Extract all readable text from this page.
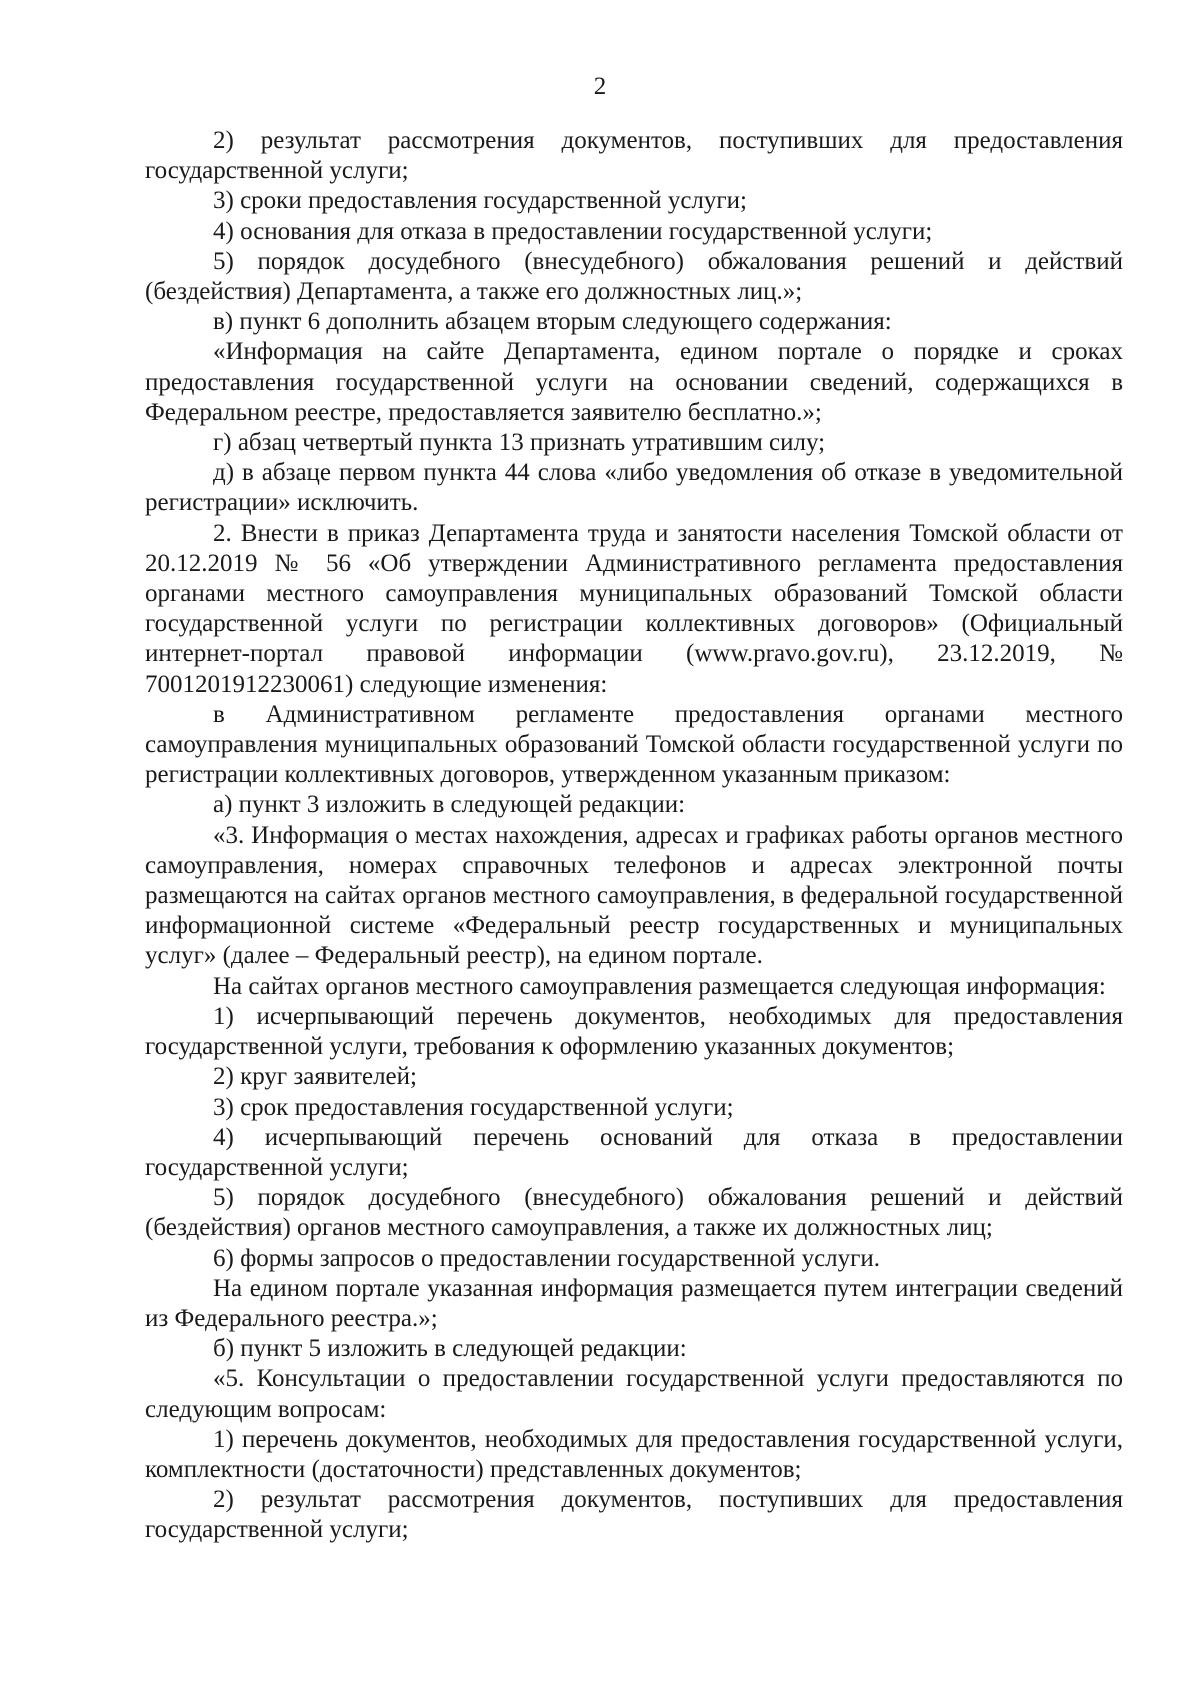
2

2) результат рассмотрения документов, поступивших для предоставления государственной услуги;

3) сроки предоставления государственной услуги;

4) основания для отказа в предоставлении государственной услуги;

5) порядок досудебного (внесудебного) обжалования решений и действий (бездействия) Департамента, а также его должностных лиц.»;

в) пункт 6 дополнить абзацем вторым следующего содержания:

«Информация на сайте Департамента, едином портале о порядке и сроках предоставления государственной услуги на основании сведений, содержащихся в Федеральном реестре, предоставляется заявителю бесплатно.»;

г) абзац четвертый пункта 13 признать утратившим силу;

д) в абзаце первом пункта 44 слова «либо уведомления об отказе в уведомительной регистрации» исключить.

2. Внести в приказ Департамента труда и занятости населения Томской области от 20.12.2019 № 56 «Об утверждении Административного регламента предоставления органами местного самоуправления муниципальных образований Томской области государственной услуги по регистрации коллективных договоров» (Официальный интернет-портал правовой информации (www.pravo.gov.ru), 23.12.2019, № 7001201912230061) следующие изменения:

в Административном регламенте предоставления органами местного самоуправления муниципальных образований Томской области государственной услуги по регистрации коллективных договоров, утвержденном указанным приказом:

а) пункт 3 изложить в следующей редакции:

«3. Информация о местах нахождения, адресах и графиках работы органов местного самоуправления, номерах справочных телефонов и адресах электронной почты размещаются на сайтах органов местного самоуправления, в федеральной государственной информационной системе «Федеральный реестр государственных и муниципальных услуг» (далее – Федеральный реестр), на едином портале.

На сайтах органов местного самоуправления размещается следующая информация:

1) исчерпывающий перечень документов, необходимых для предоставления государственной услуги, требования к оформлению указанных документов;

2) круг заявителей;

3) срок предоставления государственной услуги;

4) исчерпывающий перечень оснований для отказа в предоставлении государственной услуги;

5) порядок досудебного (внесудебного) обжалования решений и действий (бездействия) органов местного самоуправления, а также их должностных лиц;

6) формы запросов о предоставлении государственной услуги.

На едином портале указанная информация размещается путем интеграции сведений из Федерального реестра.»;

б) пункт 5 изложить в следующей редакции:

«5. Консультации о предоставлении государственной услуги предоставляются по следующим вопросам:

1) перечень документов, необходимых для предоставления государственной услуги, комплектности (достаточности) представленных документов;

2) результат рассмотрения документов, поступивших для предоставления государственной услуги;
